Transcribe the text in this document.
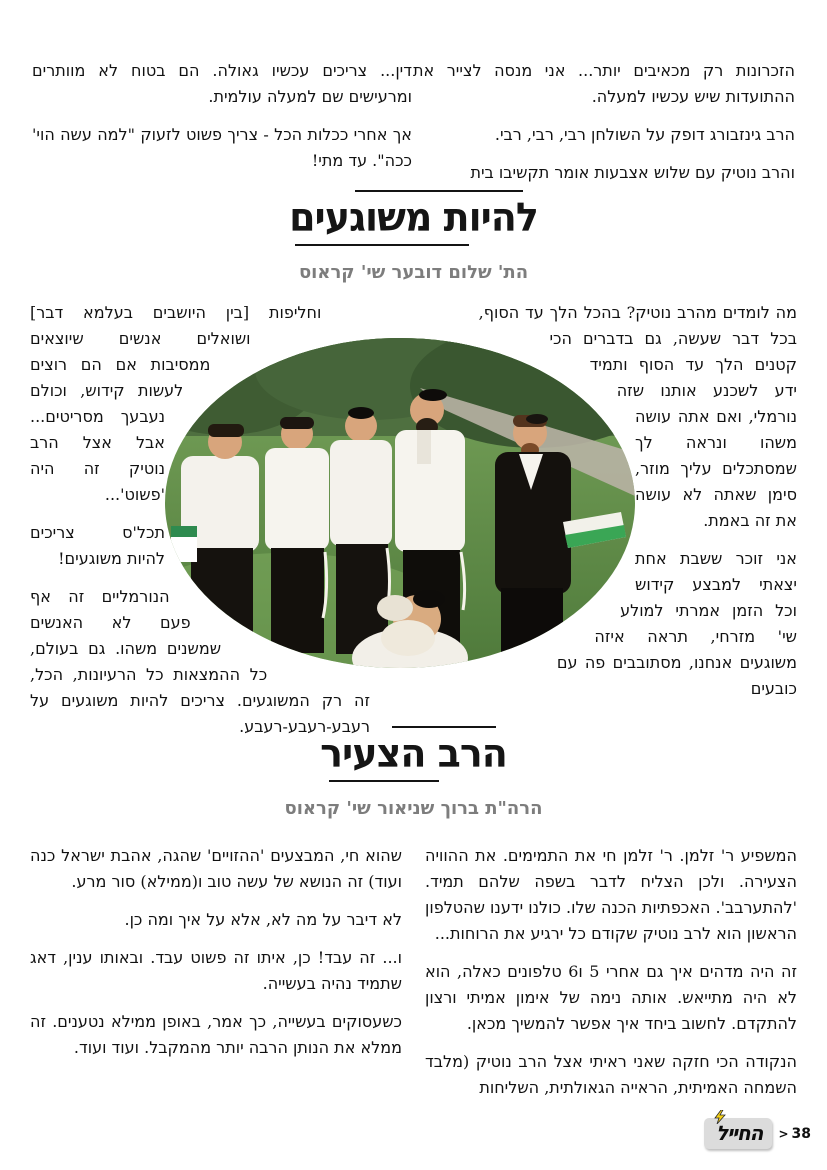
הזכרונות רק מכאיבים יותר... אני מנסה לצייר את ההתועדות שיש עכשיו למעלה.

הרב גינזבורג דופק על השולחן רבי, רבי, רבי.

והרב נוטיק עם שלוש אצבעות אומר תקשיבו בית

דין... צריכים עכשיו גאולה. הם בטוח לא מוותרים ומרעישים שם למעלה עולמית.

אך אחרי ככלות הכל - צריך פשוט לזעוק "למה עשה הוי' ככה". עד מתי!

להיות משוגעים
הת' שלום דובער שי' קראוס

מה לומדים מהרב נוטיק? בהכל הלך עד הסוף, בכל דבר שעשה, גם בדברים הכי קטנים הלך עד הסוף ותמיד ידע לשכנע אותנו שזה נורמלי, ואם אתה עושה משהו ונראה לך שמסתכלים עליך מוזר, סימן שאתה לא עושה את זה באמת.

אני זוכר ששבת אחת יצאתי למבצע קידוש וכל הזמן אמרתי למולע שי' מזרחי, תראה איזה משוגעים אנחנו, מסתובבים פה עם כובעים

וחליפות [בין היושבים בעלמא דבר] ושואלים אנשים שיוצאים ממסיבות אם הם רוצים לעשות קידוש, וכולם נעבעך מסריטים... אבל אצל הרב נוטיק זה היה 'פשוט'...

תכל'ס צריכים להיות משוגעים!

הנורמליים זה אף פעם לא האנשים שמשנים משהו. גם בעולם, כל ההמצאות כל הרעיונות, הכל, זה רק המשוגעים. צריכים להיות משוגעים על רעבע-רעבע-רעבע.

הרב הצעיר
הרה"ת ברוך שניאור שי' קראוס

המשפיע ר' זלמן. ר' זלמן חי את התמימים. את ההוויה הצעירה. ולכן הצליח לדבר בשפה שלהם תמיד. 'להתערבב'. האכפתיות הכנה שלו. כולנו ידענו שהטלפון הראשון הוא לרב נוטיק שקודם כל ירגיע את הרוחות...

זה היה מדהים איך גם אחרי 5 ו6 טלפונים כאלה, הוא לא היה מתייאש. אותה נימה של אימון אמיתי ורצון להתקדם. לחשוב ביחד איך אפשר להמשיך מכאן.

הנקודה הכי חזקה שאני ראיתי אצל הרב נוטיק (מלבד השמחה האמיתית, הראייה הגאולתית, השליחות

שהוא חי, המבצעים 'ההזויים' שהגה, אהבת ישראל כנה ועוד) זה הנושא של עשה טוב ו(ממילא) סור מרע.

לא דיבר על מה לא, אלא על איך ומה כן.

ו... זה עבד! כן, איתו זה פשוט עבד. ובאותו ענין, דאג שתמיד נהיה בעשייה.

כשעסוקים בעשייה, כך אמר, באופן ממילא נטענים. זה ממלא את הנותן הרבה יותר מהמקבל. ועוד ועוד.

החייל	> 38
